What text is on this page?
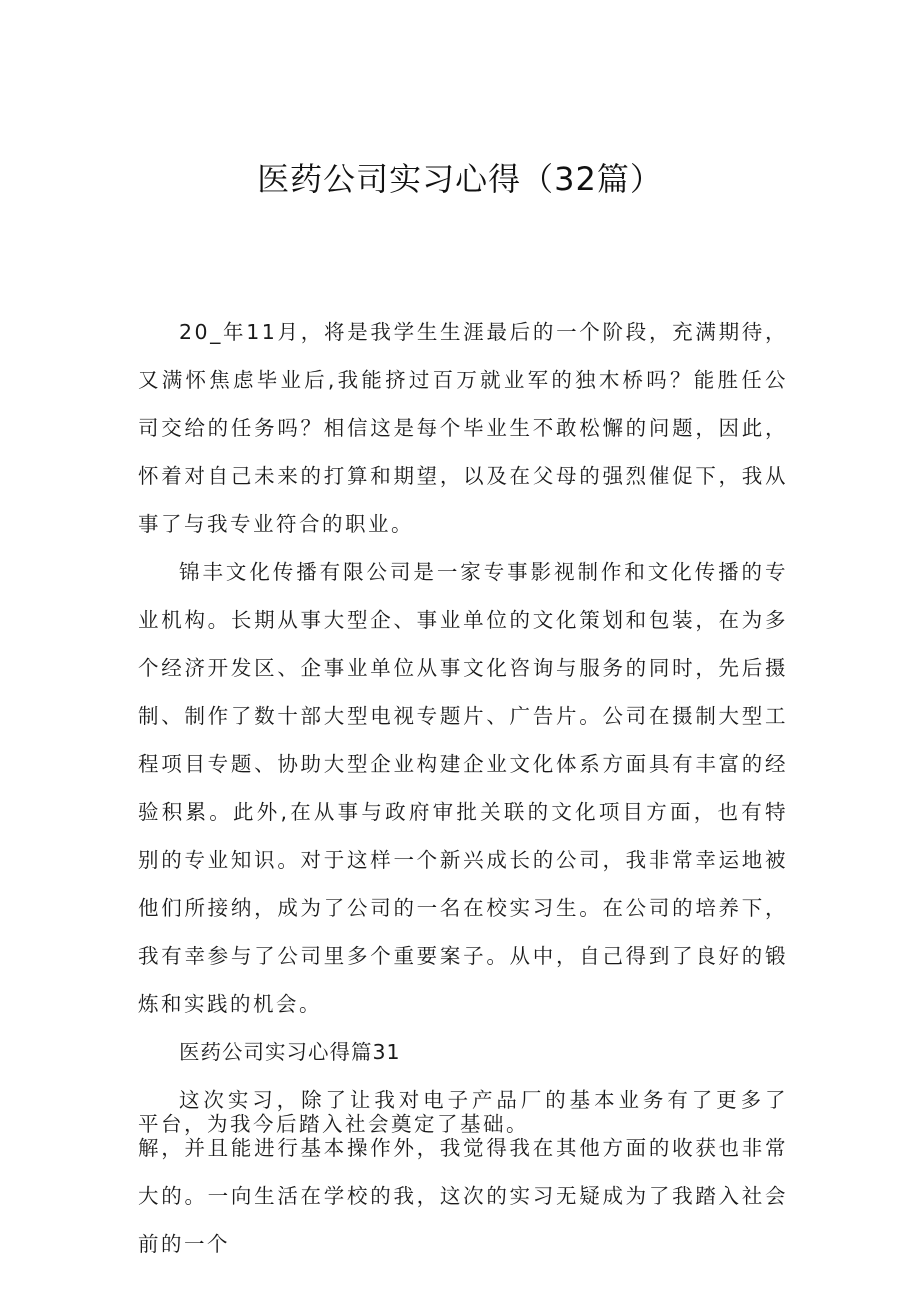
医药公司实习心得（32篇）

20_年11月，将是我学生生涯最后的一个阶段，充满期待，又满怀焦虑毕业后,我能挤过百万就业军的独木桥吗？能胜任公司交给的任务吗？相信这是每个毕业生不敢松懈的问题，因此，怀着对自己未来的打算和期望，以及在父母的强烈催促下，我从事了与我专业符合的职业。

锦丰文化传播有限公司是一家专事影视制作和文化传播的专业机构。长期从事大型企、事业单位的文化策划和包装，在为多个经济开发区、企事业单位从事文化咨询与服务的同时，先后摄制、制作了数十部大型电视专题片、广告片。公司在摄制大型工程项目专题、协助大型企业构建企业文化体系方面具有丰富的经验积累。此外,在从事与政府审批关联的文化项目方面，也有特别的专业知识。对于这样一个新兴成长的公司，我非常幸运地被他们所接纳，成为了公司的一名在校实习生。在公司的培养下，我有幸参与了公司里多个重要案子。从中，自己得到了良好的锻炼和实践的机会。

医药公司实习心得篇31

这次实习，除了让我对电子产品厂的基本业务有了更多了解，并且能进行基本操作外，我觉得我在其他方面的收获也非常大的。一向生活在学校的我，这次的实习无疑成为了我踏入社会前的一个

平台，为我今后踏入社会奠定了基础。
